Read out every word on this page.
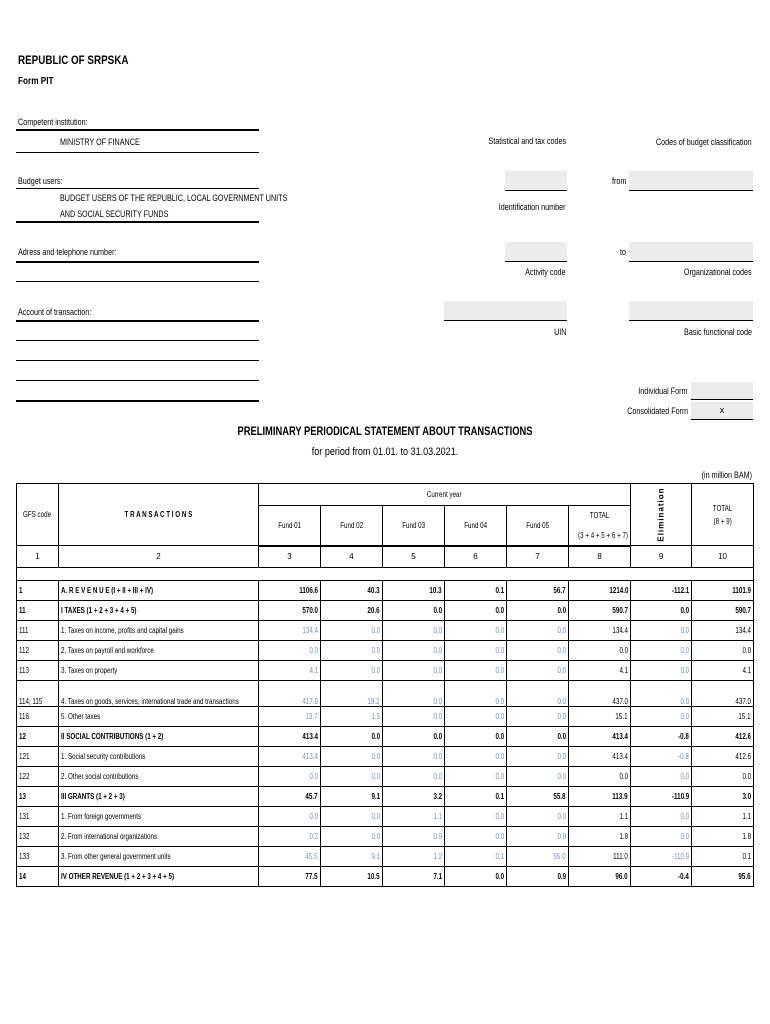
REPUBLIC OF SRPSKA
Form PIT
Competent institution:
MINISTRY OF FINANCE	Statistical and tax codes	Codes of budget classification
Budget users:
BUDGET USERS OF THE REPUBLIC, LOCAL GOVERNMENT UNITS
AND SOCIAL SECURITY FUNDS
from
Identification number
Adress and telephone number:	to
Activity code	Organizational codes
Account of transaction:
UIN	Basic functional code
Individual Form
Consolidated Form	x
PRELIMINARY PERIODICAL STATEMENT ABOUT TRANSACTIONS
for period from 01.01. to 31.03.2021.
(in million BAM)
GFS code	T R A N S A C T I O N S	Current year						Elimination	TOTAL
(8 + 9)
		Fund 01	Fund 02	Fund 03	Fund 04	Fund 05	TOTAL		
							(3 + 4 + 5 + 6 + 7)		
1	2	3	4	5	6	7	8	9	10

1	A. R E V E N U E (I + II + III + IV)	1106.6	40.3	10.3	0.1	56.7	1214.0	-112.1	1101.9
11	I TAXES (1 + 2 + 3 + 4 + 5)	570.0	20.6	0.0	0.0	0.0	590.7	0.0	590.7
111	1. Taxes on income, profits and capital gains	134.4	0.0	0.0	0.0	0.0	134.4	0.0	134.4
112	2. Taxes on payroll and workforce	0.0	0.0	0.0	0.0	0.0	0.0	0.0	0.0
113	3. Taxes on property	4.1	0.0	0.0	0.0	0.0	4.1	0.0	4.1
114; 115	4. Taxes on goods, services, international trade and transactions	417.9	19.2	0.0	0.0	0.0	437.0	0.0	437.0
116	5. Other taxes	13.7	1.5	0.0	0.0	0.0	15.1	0.0	15.1
12	II SOCIAL CONTRIBUTIONS (1 + 2)	413.4	0.0	0.0	0.0	0.0	413.4	-0.8	412.6
121	1. Social security contributions	413.4	0.0	0.0	0.0	0.0	413.4	-0.8	412.6
122	2. Other social contributions	0.0	0.0	0.0	0.0	0.0	0.0	0.0	0.0
13	III GRANTS (1 + 2 + 3)	45.7	9.1	3.2	0.1	55.8	113.9	-110.9	3.0
131	1. From foreign governments	0.0	0.0	1.1	0.0	0.0	1.1	0.0	1.1
132	2. From international organizations	0.2	0.0	0.9	0.0	0.8	1.8	0.0	1.8
133	3. From other general government units	45.5	9.1	1.2	0.1	55.0	111.0	-110.9	0.1
14	IV OTHER REVENUE (1 + 2 + 3 + 4 + 5)	77.5	10.5	7.1	0.0	0.9	96.0	-0.4	95.6
